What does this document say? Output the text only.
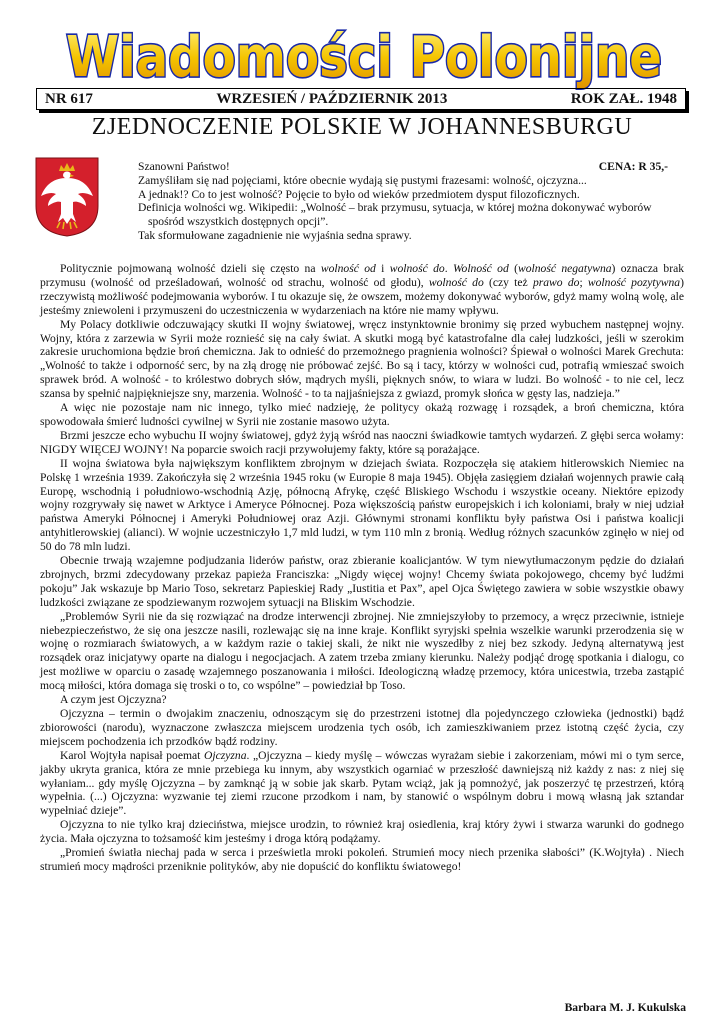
Wiadomości Polonijne
NR 617	WRZESIEŃ / PAŹDZIERNIK 2013	ROK ZAŁ. 1948
ZJEDNOCZENIE POLSKIE W JOHANNESBURGU
Szanowni Państwo!	CENA: R 35,-

Zamyśliłam się nad pojęciami, które obecnie wydają się pustymi frazesami: wolność, ojczyzna...

A jednak!? Co to jest wolność? Pojęcie to było od wieków przedmiotem dysput filozoficznych.

Definicja wolności wg. Wikipedii: „Wolność – brak przymusu, sytuacja, w której można dokonywać wyborów spośród wszystkich dostępnych opcji”.

Tak sformułowane zagadnienie nie wyjaśnia sedna sprawy.

Politycznie pojmowaną wolność dzieli się często na wolność od i wolność do. Wolność od (wolność negatywna) oznacza brak przymusu (wolność od prześladowań, wolność od strachu, wolność od głodu), wolność do (czy też prawo do; wolność pozytywna) rzeczywistą możliwość podejmowania wyborów. I tu okazuje się, że owszem, możemy dokonywać wyborów, gdyż mamy wolną wolę, ale jesteśmy zniewoleni i przymuszeni do uczestniczenia w wydarzeniach na które nie mamy wpływu.

My Polacy dotkliwie odczuwający skutki II wojny światowej, wręcz instynktownie bronimy się przed wybuchem następnej wojny. Wojny, która z zarzewia w Syrii może roznieść się na cały świat. A skutki mogą być katastrofalne dla całej ludzkości, jeśli w szerokim zakresie uruchomiona będzie broń chemiczna. Jak to odnieść do przemożnego pragnienia wolności? Śpiewał o wolności Marek Grechuta: „Wolność to także i odporność serc, by na złą drogę nie próbować zejść. Bo są i tacy, którzy w wolności cud, potrafią wmieszać swoich sprawek bród. A wolność - to królestwo dobrych słów, mądrych myśli, pięknych snów, to wiara w ludzi. Bo wolność - to nie cel, lecz szansa by spełnić najpiękniejsze sny, marzenia. Wolność - to ta najjaśniejsza z gwiazd, promyk słońca w gęsty las, nadzieja.”

A więc nie pozostaje nam nic innego, tylko mieć nadzieję, że politycy okażą rozwagę i rozsądek, a broń chemiczna, która spowodowała śmierć ludności cywilnej w Syrii nie zostanie masowo użyta.

Brzmi jeszcze echo wybuchu II wojny światowej, gdyż żyją wśród nas naoczni świadkowie tamtych wydarzeń. Z głębi serca wołamy: NIGDY WIĘCEJ WOJNY! Na poparcie swoich racji przywołujemy fakty, które są porażające.

II wojna światowa była największym konfliktem zbrojnym w dziejach świata. Rozpoczęła się atakiem hitlerowskich Niemiec na Polskę 1 września 1939. Zakończyła się 2 września 1945 roku (w Europie 8 maja 1945). Objęła zasięgiem działań wojennych prawie całą Europę, wschodnią i południowo-wschodnią Azję, północną Afrykę, część Bliskiego Wschodu i wszystkie oceany. Niektóre epizody wojny rozgrywały się nawet w Arktyce i Ameryce Północnej. Poza większością państw europejskich i ich koloniami, brały w niej udział państwa Ameryki Północnej i Ameryki Południowej oraz Azji. Głównymi stronami konfliktu były państwa Osi i państwa koalicji antyhitlerowskiej (alianci). W wojnie uczestniczyło 1,7 mld ludzi, w tym 110 mln z bronią. Według różnych szacunków zginęło w niej od 50 do 78 mln ludzi.

Obecnie trwają wzajemne podjudzania liderów państw, oraz zbieranie koalicjantów. W tym niewytłumaczonym pędzie do działań zbrojnych, brzmi zdecydowany przekaz papieża Franciszka: „Nigdy więcej wojny! Chcemy świata pokojowego, chcemy być ludźmi pokoju” Jak wskazuje bp Mario Toso, sekretarz Papieskiej Rady „Iustitia et Pax”, apel Ojca Świętego zawiera w sobie wszystkie obawy ludzkości związane ze spodziewanym rozwojem sytuacji na Bliskim Wschodzie.

„Problemów Syrii nie da się rozwiązać na drodze interwencji zbrojnej. Nie zmniejszyłoby to przemocy, a wręcz przeciwnie, istnieje niebezpieczeństwo, że się ona jeszcze nasili, rozlewając się na inne kraje. Konflikt syryjski spełnia wszelkie warunki przerodzenia się w wojnę o rozmiarach światowych, a w każdym razie o takiej skali, że nikt nie wyszedłby z niej bez szkody. Jedyną alternatywą jest rozsądek oraz inicjatywy oparte na dialogu i negocjacjach. A zatem trzeba zmiany kierunku. Należy podjąć drogę spotkania i dialogu, co jest możliwe w oparciu o zasadę wzajemnego poszanowania i miłości. Ideologiczną władzę przemocy, która unicestwia, trzeba zastąpić mocą miłości, która domaga się troski o to, co wspólne” – powiedział bp Toso.

A czym jest Ojczyzna?

Ojczyzna – termin o dwojakim znaczeniu, odnoszącym się do przestrzeni istotnej dla pojedynczego człowieka (jednostki) bądź zbiorowości (narodu), wyznaczone zwłaszcza miejscem urodzenia tych osób, ich zamieszkiwaniem przez istotną część życia, czy miejscem pochodzenia ich przodków bądź rodziny.

Karol Wojtyła napisał poemat Ojczyzna. „Ojczyzna – kiedy myślę – wówczas wyrażam siebie i zakorzeniam, mówi mi o tym serce, jakby ukryta granica, która ze mnie przebiega ku innym, aby wszystkich ogarniać w przeszłość dawniejszą niż każdy z nas: z niej się wyłaniam... gdy myślę Ojczyzna – by zamknąć ją w sobie jak skarb. Pytam wciąż, jak ją pomnożyć, jak poszerzyć tę przestrzeń, którą wypełnia. (...) Ojczyzna: wyzwanie tej ziemi rzucone przodkom i nam, by stanowić o wspólnym dobru i mową własną jak sztandar wypełniać dzieje”.

Ojczyzna to nie tylko kraj dzieciństwa, miejsce urodzin, to również kraj osiedlenia, kraj który żywi i stwarza warunki do godnego życia. Mała ojczyzna to tożsamość kim jesteśmy i droga którą podążamy.

„Promień światła niechaj pada w serca i prześwietla mroki pokoleń. Strumień mocy niech przenika słabości” (K.Wojtyła) . Niech strumień mocy mądrości przeniknie polityków, aby nie dopuścić do konfliktu światowego!

Barbara M. J. Kukulska
